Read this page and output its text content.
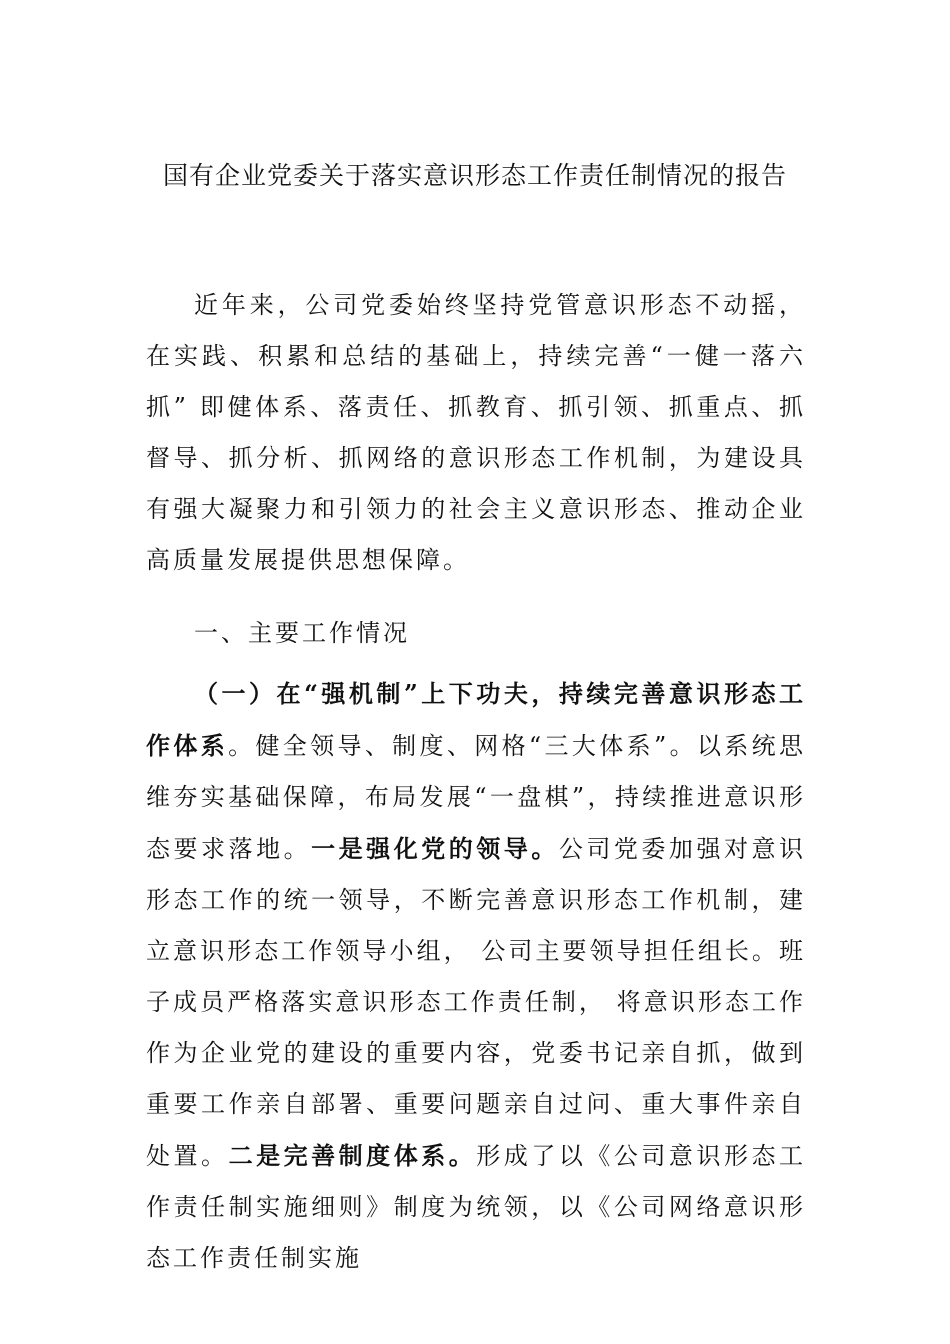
国有企业党委关于落实意识形态工作责任制情况的报告

近年来，公司党委始终坚持党管意识形态不动摇，在实践、积累和总结的基础上，持续完善“一健一落六抓” 即健体系、落责任、抓教育、抓引领、抓重点、抓督导、抓分析、抓网络的意识形态工作机制，为建设具有强大凝聚力和引领力的社会主义意识形态、推动企业高质量发展提供思想保障。

一、主要工作情况

（一）在“强机制”上下功夫，持续完善意识形态工作体系。健全领导、制度、网格“三大体系”。以系统思维夯实基础保障，布局发展“一盘棋”，持续推进意识形态要求落地。一是强化党的领导。公司党委加强对意识形态工作的统一领导，不断完善意识形态工作机制，建立意识形态工作领导小组， 公司主要领导担任组长。班子成员严格落实意识形态工作责任制， 将意识形态工作作为企业党的建设的重要内容，党委书记亲自抓，做到重要工作亲自部署、重要问题亲自过问、重大事件亲自处置。二是完善制度体系。形成了以《公司意识形态工作责任制实施细则》制度为统领，以《公司网络意识形态工作责任制实施
